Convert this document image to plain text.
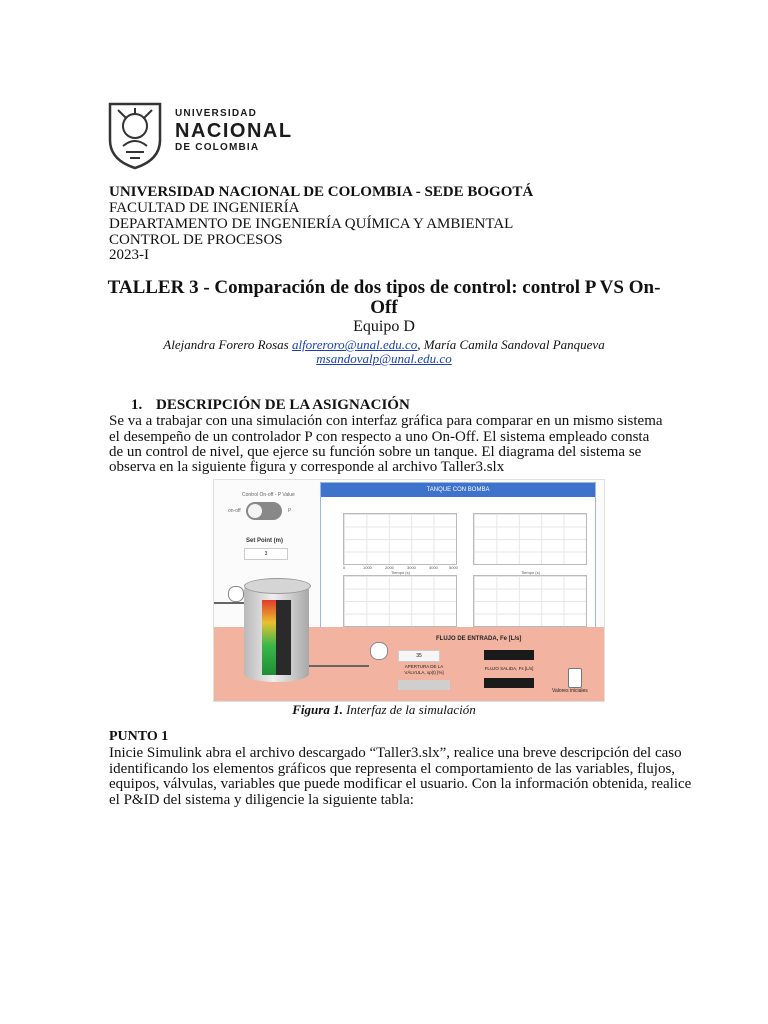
UNIVERSIDAD
NACIONAL
DE COLOMBIA
UNIVERSIDAD NACIONAL DE COLOMBIA - SEDE BOGOTÁ
FACULTAD DE INGENIERÍA
DEPARTAMENTO DE INGENIERÍA QUÍMICA Y AMBIENTAL
CONTROL DE PROCESOS
2023-I
TALLER 3 - Comparación de dos tipos de control: control P VS On-
Off
Equipo D
Alejandra Forero Rosas alforeroro@unal.edu.co, María Camila Sandoval Panqueva
msandovalp@unal.edu.co
1. DESCRIPCIÓN DE LA ASIGNACIÓN
Se va a trabajar con una simulación con interfaz gráfica para comparar en un mismo sistema
el desempeño de un controlador P con respecto a uno On-Off. El sistema empleado consta
de un control de nivel, que ejerce su función sobre un tanque. El diagrama del sistema se
observa en la siguiente figura y corresponde al archivo Taller3.slx
Control On-off - P Value
on-off	P
Set Point (m)
3
TANQUE CON BOMBA
0	1000	2000	3000	4000	5000
Tiempo (s)	Tiempo (s)
FLUJO DE ENTRADA, Fe [L/s]
35
APERTURA DE LA VÁLVULA, xp(t) [%]
FLUJO SALIDA, Fs [L/s]
Valores iniciales
Figura 1. Interfaz de la simulación
PUNTO 1
Inicie Simulink abra el archivo descargado “Taller3.slx”, realice una breve descripción del caso
identificando los elementos gráficos que representa el comportamiento de las variables, flujos,
equipos, válvulas, variables que puede modificar el usuario. Con la información obtenida, realice
el P&ID del sistema y diligencie la siguiente tabla:
